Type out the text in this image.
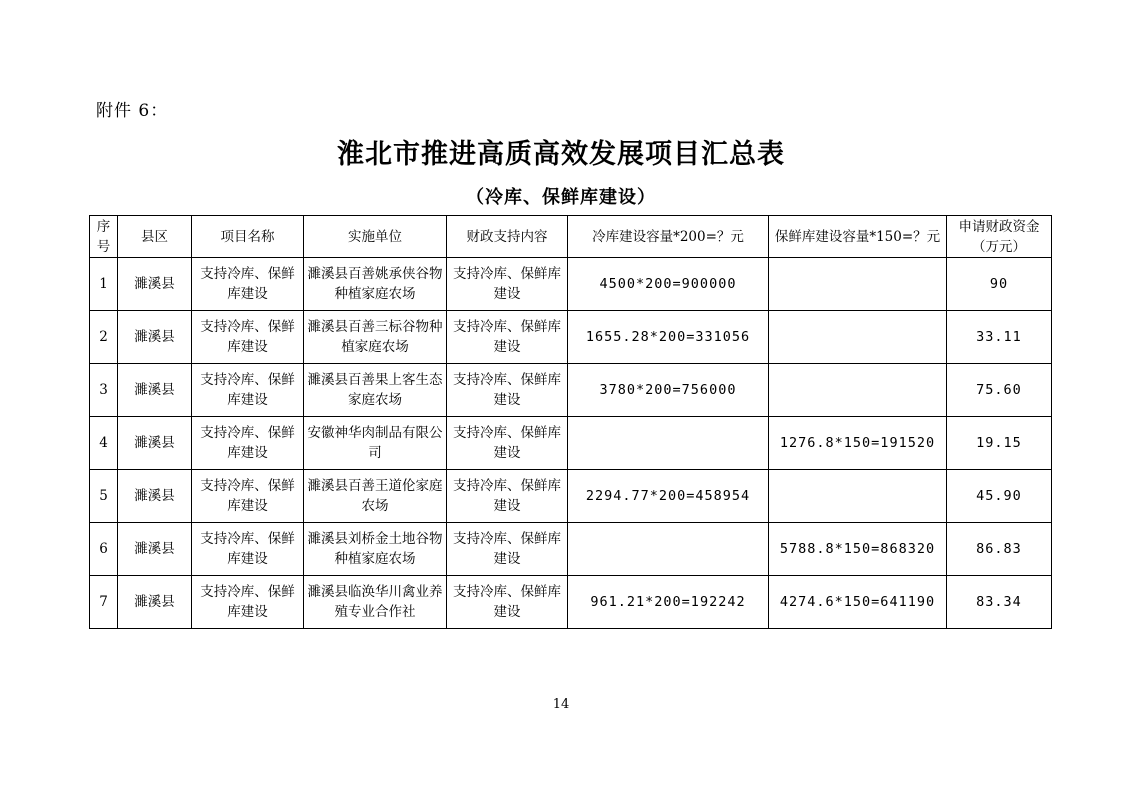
附件 6：
淮北市推进高质高效发展项目汇总表
（冷库、保鲜库建设）
序号	县区	项目名称	实施单位	财政支持内容	冷库建设容量*200=？元	保鲜库建设容量*150=？元	申请财政资金（万元）
1	濉溪县	支持冷库、保鲜库建设	濉溪县百善姚承侠谷物种植家庭农场	支持冷库、保鲜库建设	4500*200=900000		90
2	濉溪县	支持冷库、保鲜库建设	濉溪县百善三标谷物种植家庭农场	支持冷库、保鲜库建设	1655.28*200=331056		33.11
3	濉溪县	支持冷库、保鲜库建设	濉溪县百善果上客生态家庭农场	支持冷库、保鲜库建设	3780*200=756000		75.60
4	濉溪县	支持冷库、保鲜库建设	安徽神华肉制品有限公司	支持冷库、保鲜库建设		1276.8*150=191520	19.15
5	濉溪县	支持冷库、保鲜库建设	濉溪县百善王道伦家庭农场	支持冷库、保鲜库建设	2294.77*200=458954		45.90
6	濉溪县	支持冷库、保鲜库建设	濉溪县刘桥金土地谷物种植家庭农场	支持冷库、保鲜库建设		5788.8*150=868320	86.83
7	濉溪县	支持冷库、保鲜库建设	濉溪县临涣华川禽业养殖专业合作社	支持冷库、保鲜库建设	961.21*200=192242	4274.6*150=641190	83.34
14
